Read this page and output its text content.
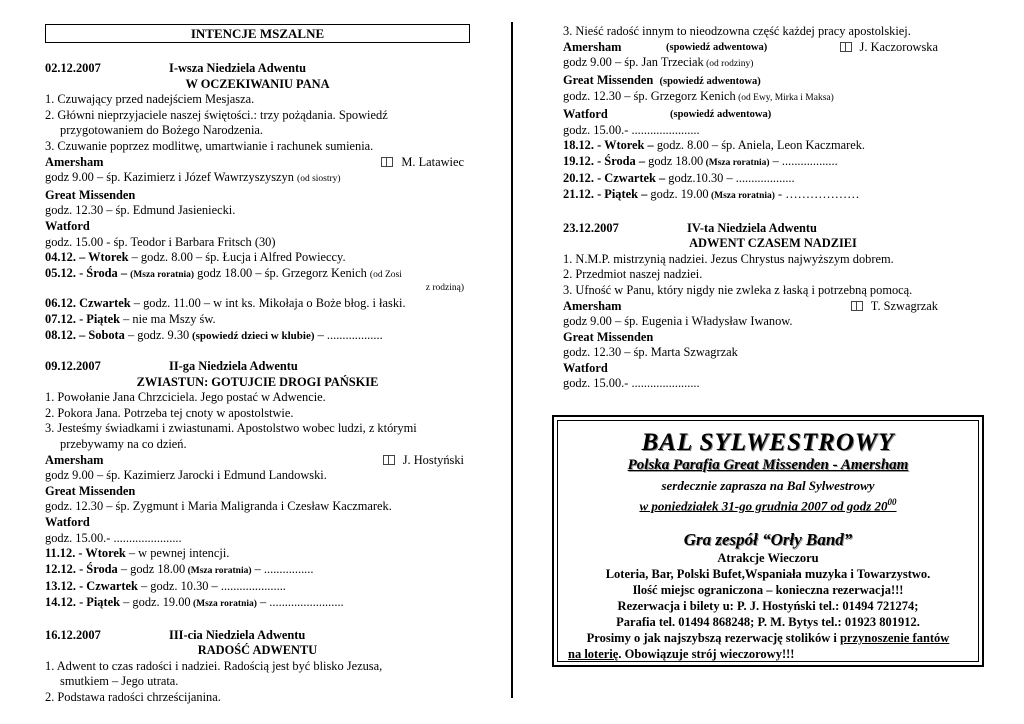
INTENCJE MSZALNE
02.12.2007	I-wsza Niedziela Adwentu
W OCZEKIWANIU PANA
1. Czuwający przed nadejściem Mesjasza.
2. Główni nieprzyjaciele naszej świętości.: trzy pożądania. Spowiedź
przygotowaniem do Bożego Narodzenia.
3. Czuwanie poprzez modlitwę, umartwianie i rachunek sumienia.
Amersham	M. Latawiec
godz 9.00 – śp. Kazimierz i Józef Wawrzyszyszyn (od siostry)
Great Missenden
godz. 12.30 – śp. Edmund Jasieniecki.
Watford
godz. 15.00 - śp. Teodor i Barbara Fritsch (30)
04.12. – Wtorek – godz. 8.00 – śp. Łucja i Alfred Powieccy.
05.12. - Środa – (Msza roratnia) godz 18.00 – śp. Grzegorz Kenich (od Zosi
z rodziną)
06.12. Czwartek – godz. 11.00 – w int ks. Mikołaja o Boże błog. i łaski.
07.12. - Piątek – nie ma Mszy św.
08.12. – Sobota – godz. 9.30 (spowiedź dzieci w klubie) – ..................
09.12.2007	II-ga Niedziela Adwentu
ZWIASTUN: GOTUJCIE DROGI PAŃSKIE
1. Powołanie Jana Chrzciciela. Jego postać w Adwencie.
2. Pokora Jana. Potrzeba tej cnoty w apostolstwie.
3. Jesteśmy świadkami i zwiastunami. Apostolstwo wobec ludzi, z którymi
przebywamy na co dzień.
Amersham	J. Hostyński
godz 9.00 – śp. Kazimierz Jarocki i Edmund Landowski.
Great Missenden
godz. 12.30 – śp. Zygmunt i Maria Maligranda i Czesław Kaczmarek.
Watford
godz. 15.00.- ......................
11.12. - Wtorek – w pewnej intencji.
12.12. - Środa – godz 18.00 (Msza roratnia) – ................
13.12. - Czwartek – godz. 10.30 – .....................
14.12. - Piątek – godz. 19.00 (Msza roratnia) – ........................
16.12.2007	III-cia Niedziela Adwentu
RADOŚĆ ADWENTU
1. Adwent to czas radości i nadziei. Radością jest być blisko Jezusa,
smutkiem – Jego utrata.
2. Podstawa radości chrześcijanina.
3. Nieść radość innym to nieodzowna część każdej pracy apostolskiej.
Amersham	(spowiedź adwentowa)	J. Kaczorowska
godz 9.00 – śp. Jan Trzeciak (od rodziny)
Great Missenden (spowiedź adwentowa)
godz. 12.30 – śp. Grzegorz Kenich (od Ewy, Mirka i Maksa)
Watford	(spowiedź adwentowa)
godz. 15.00.- ......................
18.12. - Wtorek – godz. 8.00 – śp. Aniela, Leon Kaczmarek.
19.12. - Środa – godz 18.00 (Msza roratnia) – ..................
20.12. - Czwartek – godz.10.30 – ...................
21.12. - Piątek – godz. 19.00 (Msza roratnia) - ………………
23.12.2007	IV-ta Niedziela Adwentu
ADWENT CZASEM NADZIEI
1. N.M.P. mistrzynią nadziei. Jezus Chrystus najwyższym dobrem.
2. Przedmiot naszej nadziei.
3. Ufność w Panu, który nigdy nie zwleka z łaską i potrzebną pomocą.
Amersham	T. Szwagrzak
godz 9.00 – śp. Eugenia i Władysław Iwanow.
Great Missenden
godz. 12.30 – śp. Marta Szwagrzak
Watford
godz. 15.00.- ......................
BAL SYLWESTROWY
Polska Parafia Great Missenden - Amersham
serdecznie zaprasza na Bal Sylwestrowy
w poniedziałek 31-go grudnia 2007 od godz $20^{00}$
Gra zespół “Orły Band”
Atrakcje Wieczoru
Loteria, Bar, Polski Bufet,Wspaniała muzyka i Towarzystwo.
Ilość miejsc ograniczona – konieczna rezerwacja!!!
Rezerwacja i bilety u: P. J. Hostyński tel.: 01494 721274;
Parafia tel. 01494 868248; P. M. Bytys tel.: 01923 801912.
Prosimy o jak najszybszą rezerwację stolików i przynoszenie fantów
na loterię. Obowiązuje strój wieczorowy!!!
